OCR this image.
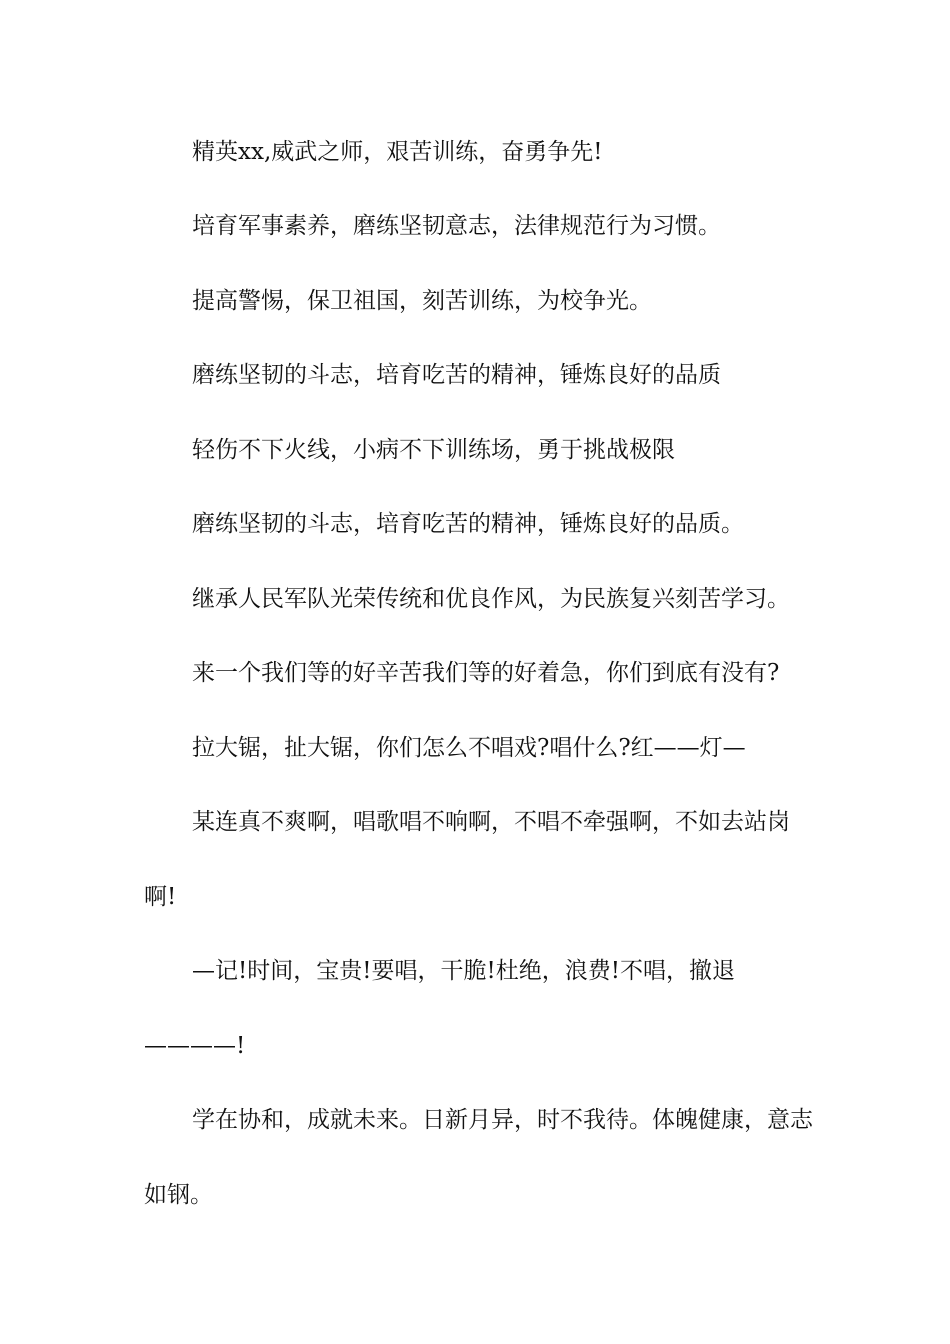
精英xx,威武之师，艰苦训练，奋勇争先!

培育军事素养，磨练坚韧意志，法律规范行为习惯。

提高警惕，保卫祖国，刻苦训练，为校争光。

磨练坚韧的斗志，培育吃苦的精神，锤炼良好的品质

轻伤不下火线，小病不下训练场，勇于挑战极限

磨练坚韧的斗志，培育吃苦的精神，锤炼良好的品质。

继承人民军队光荣传统和优良作风，为民族复兴刻苦学习。

来一个我们等的好辛苦我们等的好着急，你们到底有没有?

拉大锯，扯大锯，你们怎么不唱戏?唱什么?红——灯—

某连真不爽啊，唱歌唱不响啊，不唱不牵强啊，不如去站岗啊!

—记!时间，宝贵!要唱，干脆!杜绝，浪费!不唱，撤退————!

学在协和，成就未来。日新月异，时不我待。体魄健康，意志如钢。
